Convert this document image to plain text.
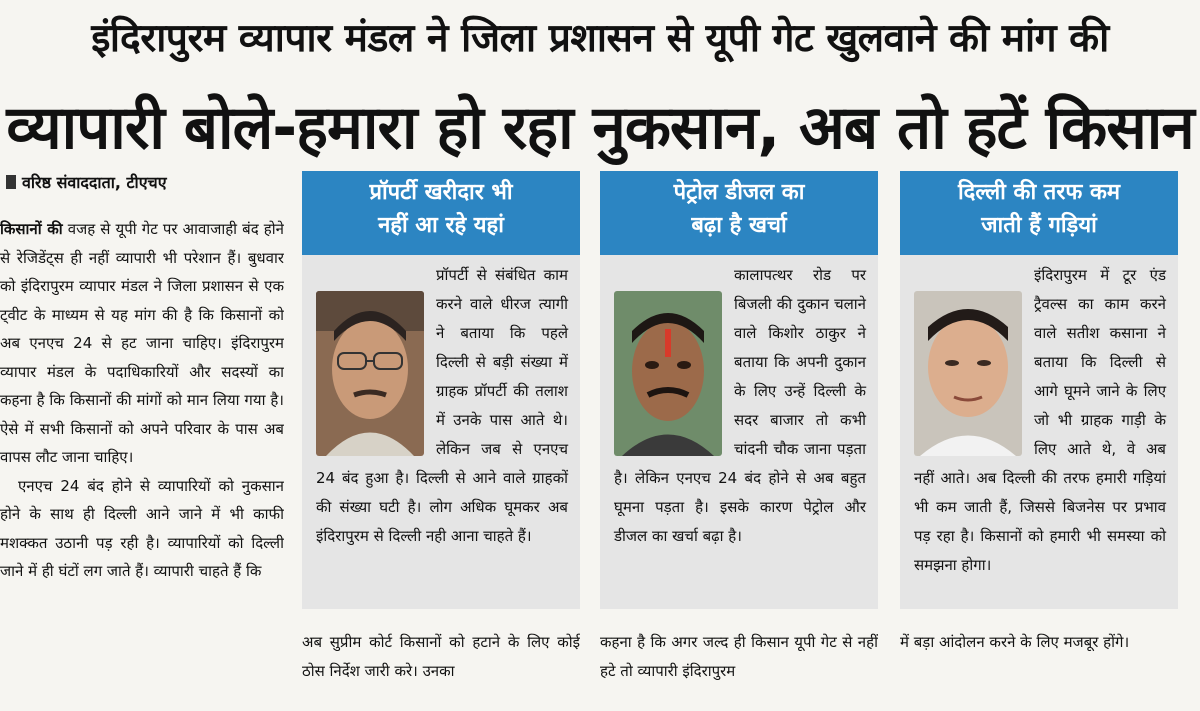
इंदिरापुरम व्यापार मंडल ने जिला प्रशासन से यूपी गेट खुलवाने की मांग की
व्यापारी बोले-हमारा हो रहा नुकसान, अब तो हटें किसान
वरिष्ठ संवाददाता, टीएचए

किसानों की वजह से यूपी गेट पर आवाजाही बंद होने से रेजिडेंट्स ही नहीं व्यापारी भी परेशान हैं। बुधवार को इंदिरापुरम व्यापार मंडल ने जिला प्रशासन से एक ट्वीट के माध्यम से यह मांग की है कि किसानों को अब एनएच 24 से हट जाना चाहिए। इंदिरापुरम व्यापार मंडल के पदाधिकारियों और सदस्यों का कहना है कि किसानों की मांगों को मान लिया गया है। ऐसे में सभी किसानों को अपने परिवार के पास अब वापस लौट जाना चाहिए।

एनएच 24 बंद होने से व्यापारियों को नुकसान होने के साथ ही दिल्ली आने जाने में भी काफी मशक्कत उठानी पड़ रही है। व्यापारियों को दिल्ली जाने में ही घंटों लग जाते हैं। व्यापारी चाहते हैं कि

प्रॉपर्टी खरीदार भी
नहीं आ रहे यहां
प्रॉपर्टी से संबंधित काम करने वाले धीरज त्यागी ने बताया कि पहले दिल्ली से बड़ी संख्या में ग्राहक प्रॉपर्टी की तलाश में उनके पास आते थे। लेकिन जब से एनएच 24 बंद हुआ है। दिल्ली से आने वाले ग्राहकों की संख्या घटी है। लोग अधिक घूमकर अब इंदिरापुरम से दिल्ली नही आना चाहते हैं।
पेट्रोल डीजल का
बढ़ा है खर्चा
कालापत्थर रोड पर बिजली की दुकान चलाने वाले किशोर ठाकुर ने बताया कि अपनी दुकान के लिए उन्हें दिल्ली के सदर बाजार तो कभी चांदनी चौक जाना पड़ता है। लेकिन एनएच 24 बंद होने से अब बहुत घूमना पड़ता है। इसके कारण पेट्रोल और डीजल का खर्चा बढ़ा है।
दिल्ली की तरफ कम
जाती हैं गड़ियां
इंदिरापुरम में टूर एंड ट्रैवल्स का काम करने वाले सतीश कसाना ने बताया कि दिल्ली से आगे घूमने जाने के लिए जो भी ग्राहक गाड़ी के लिए आते थे, वे अब नहीं आते। अब दिल्ली की तरफ हमारी गड़ियां भी कम जाती हैं, जिससे बिजनेस पर प्रभाव पड़ रहा है। किसानों को हमारी भी समस्या को समझना होगा।
अब सुप्रीम कोर्ट किसानों को हटाने के लिए कोई ठोस निर्देश जारी करे। उनका
कहना है कि अगर जल्द ही किसान यूपी गेट से नहीं हटे तो व्यापारी इंदिरापुरम
में बड़ा आंदोलन करने के लिए मजबूर होंगे।
